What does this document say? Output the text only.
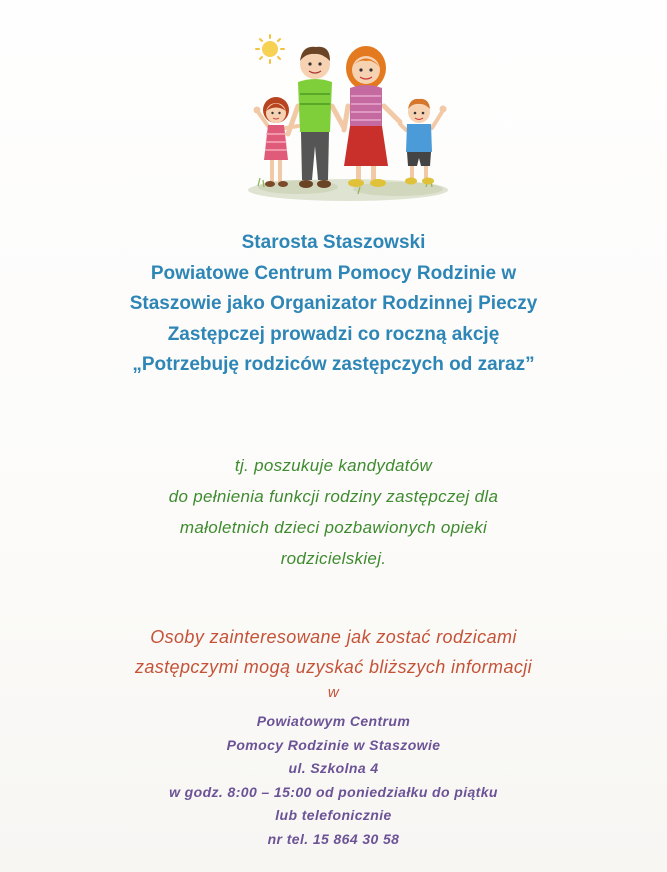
Starosta Staszowski
Powiatowe Centrum Pomocy Rodzinie w
Staszowie jako Organizator Rodzinnej Pieczy
Zastępczej prowadzi co roczną akcję
„Potrzebuję rodziców zastępczych od zaraz”
tj. poszukuje kandydatów
do pełnienia funkcji rodziny zastępczej dla
małoletnich dzieci pozbawionych opieki
rodzicielskiej.
Osoby zainteresowane jak zostać rodzicami
zastępczymi mogą uzyskać bliższych informacji
w
Powiatowym Centrum
Pomocy Rodzinie w Staszowie
ul. Szkolna 4
w godz. 8:00 – 15:00 od poniedziałku do piątku
lub telefonicznie
nr tel. 15 864 30 58
